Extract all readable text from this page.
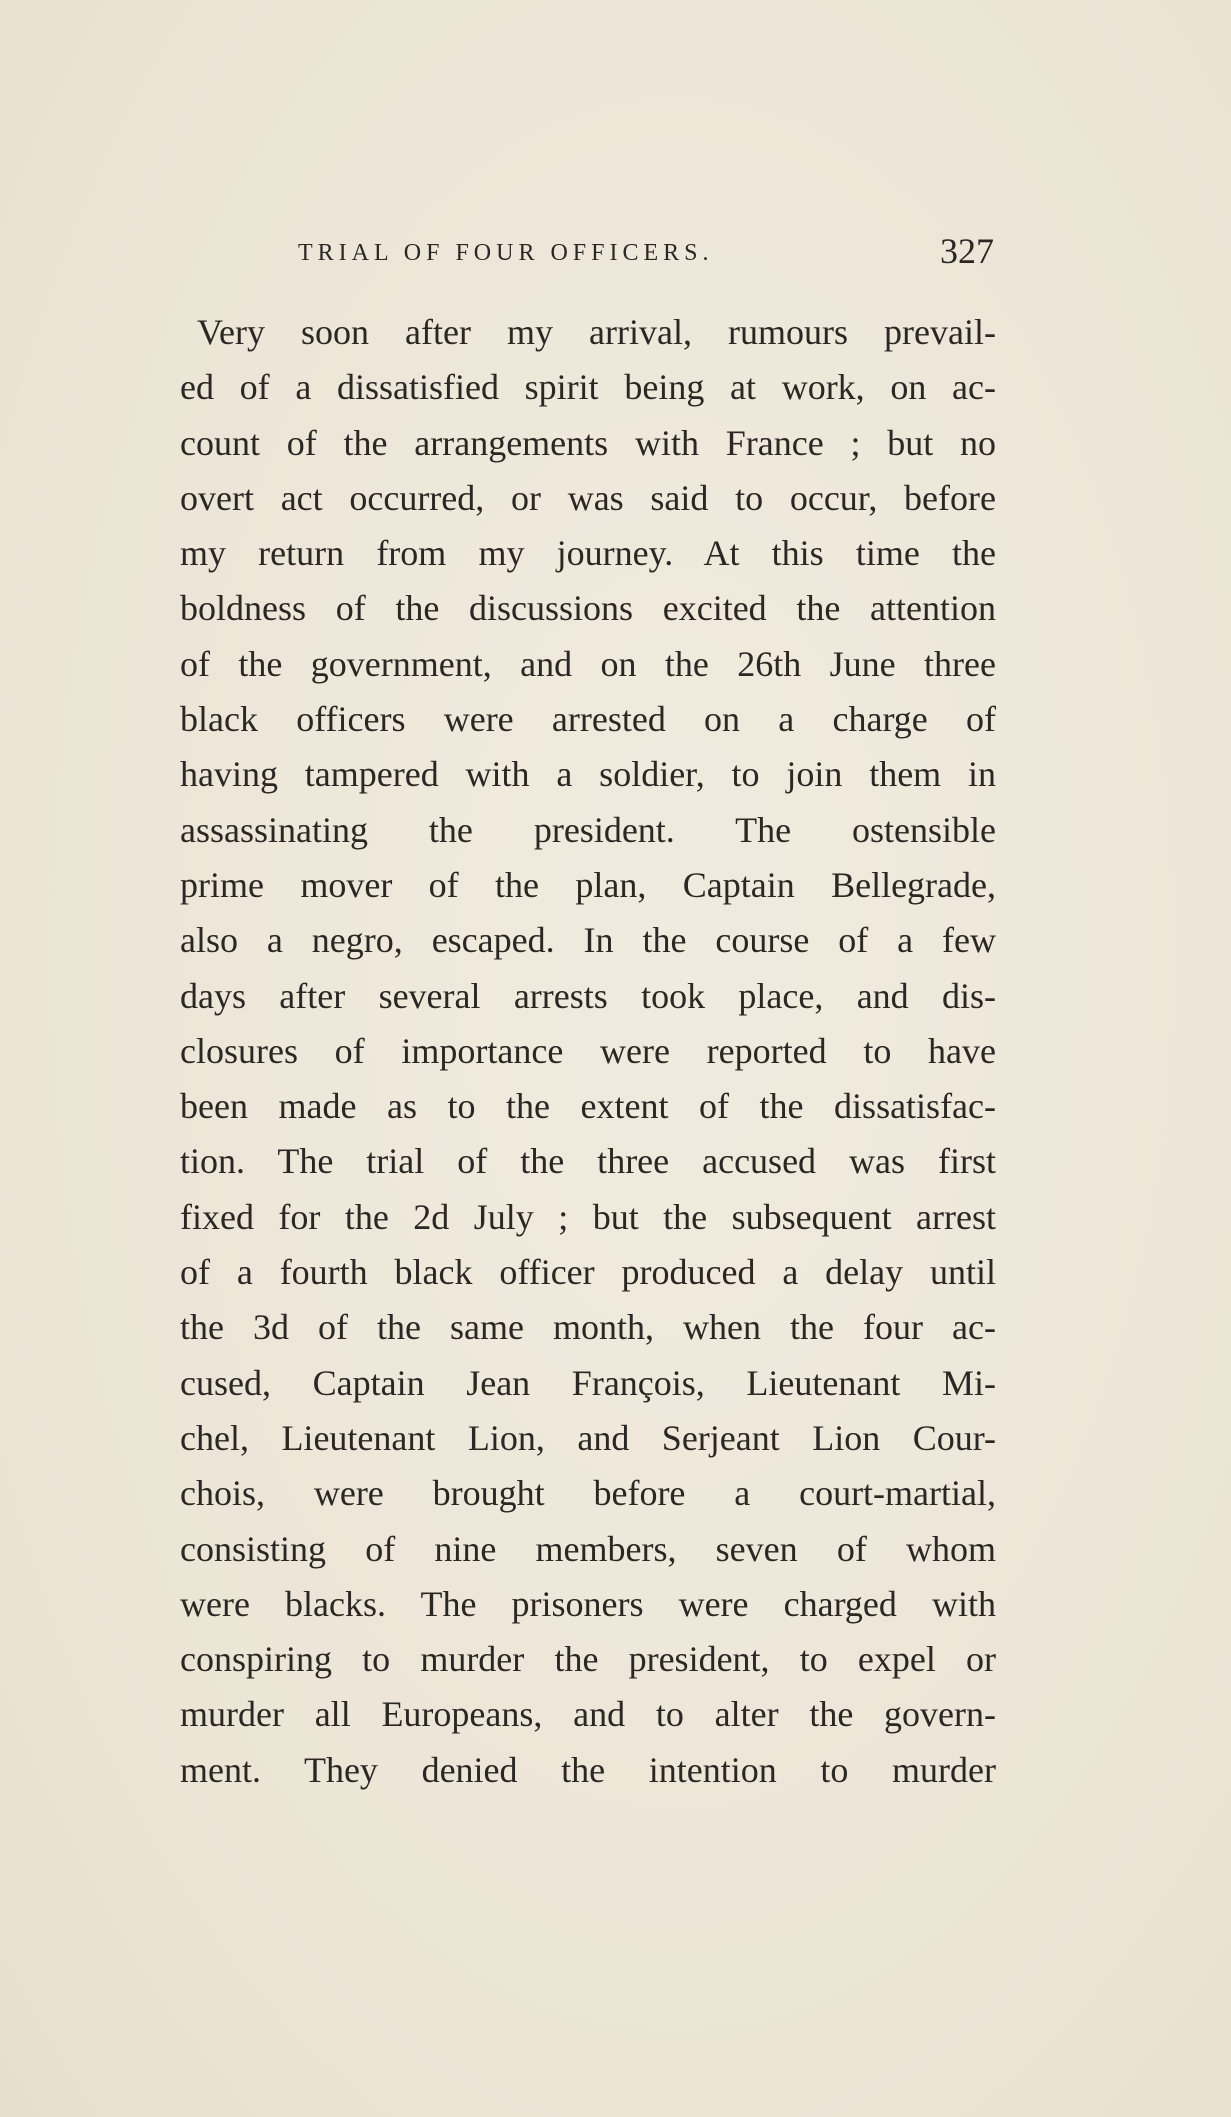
TRIAL OF FOUR OFFICERS.	327
Very soon after my arrival, rumours prevail-
ed of a dissatisfied spirit being at work, on ac-
count of the arrangements with France ; but no
overt act occurred, or was said to occur, before
my return from my journey. At this time the
boldness of the discussions excited the attention
of the government, and on the 26th June three
black officers were arrested on a charge of
having tampered with a soldier, to join them in
assassinating the president. The ostensible
prime mover of the plan, Captain Bellegrade,
also a negro, escaped. In the course of a few
days after several arrests took place, and dis-
closures of importance were reported to have
been made as to the extent of the dissatisfac-
tion. The trial of the three accused was first
fixed for the 2d July ; but the subsequent arrest
of a fourth black officer produced a delay until
the 3d of the same month, when the four ac-
cused, Captain Jean François, Lieutenant Mi-
chel, Lieutenant Lion, and Serjeant Lion Cour-
chois, were brought before a court-martial,
consisting of nine members, seven of whom
were blacks. The prisoners were charged with
conspiring to murder the president, to expel or
murder all Europeans, and to alter the govern-
ment. They denied the intention to murder
